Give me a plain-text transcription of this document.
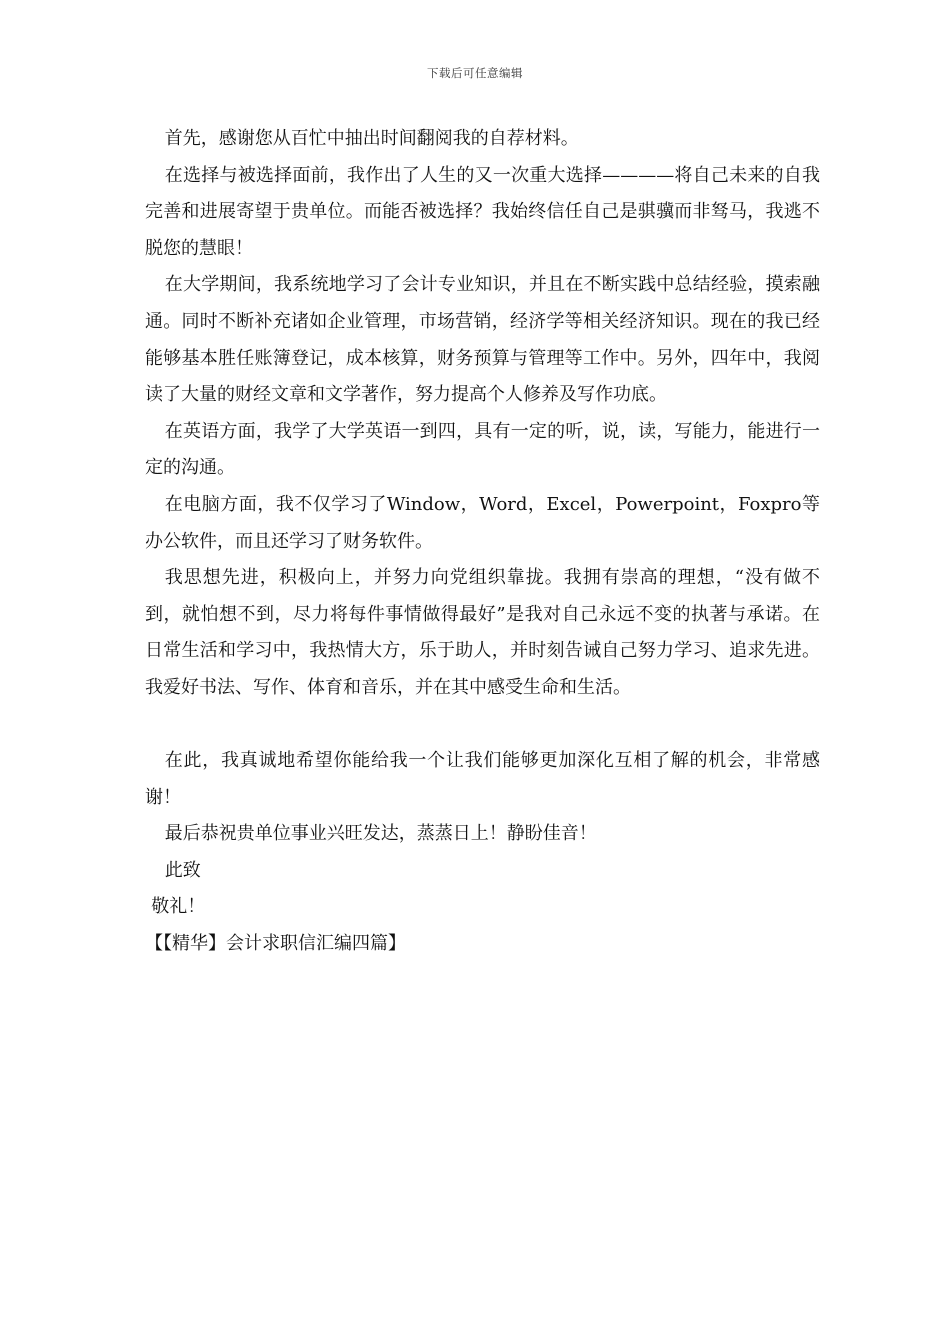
下载后可任意编辑

首先，感谢您从百忙中抽出时间翻阅我的自荐材料。

在选择与被选择面前，我作出了人生的又一次重大选择————将自己未来的自我完善和进展寄望于贵单位。而能否被选择？我始终信任自己是骐骥而非驽马，我逃不脱您的慧眼！

在大学期间，我系统地学习了会计专业知识，并且在不断实践中总结经验，摸索融通。同时不断补充诸如企业管理，市场营销，经济学等相关经济知识。现在的我已经能够基本胜任账簿登记，成本核算，财务预算与管理等工作中。另外，四年中，我阅读了大量的财经文章和文学著作，努力提高个人修养及写作功底。

在英语方面，我学了大学英语一到四，具有一定的听，说，读，写能力，能进行一定的沟通。

在电脑方面，我不仅学习了Window，Word，Excel，Powerpoint，Foxpro等办公软件，而且还学习了财务软件。

我思想先进，积极向上，并努力向党组织靠拢。我拥有崇高的理想，“没有做不到，就怕想不到，尽力将每件事情做得最好”是我对自己永远不变的执著与承诺。在日常生活和学习中，我热情大方，乐于助人，并时刻告诫自己努力学习、追求先进。我爱好书法、写作、体育和音乐，并在其中感受生命和生活。

在此，我真诚地希望你能给我一个让我们能够更加深化互相了解的机会，非常感谢！

最后恭祝贵单位事业兴旺发达，蒸蒸日上！静盼佳音！

此致

敬礼！

【【精华】会计求职信汇编四篇】
